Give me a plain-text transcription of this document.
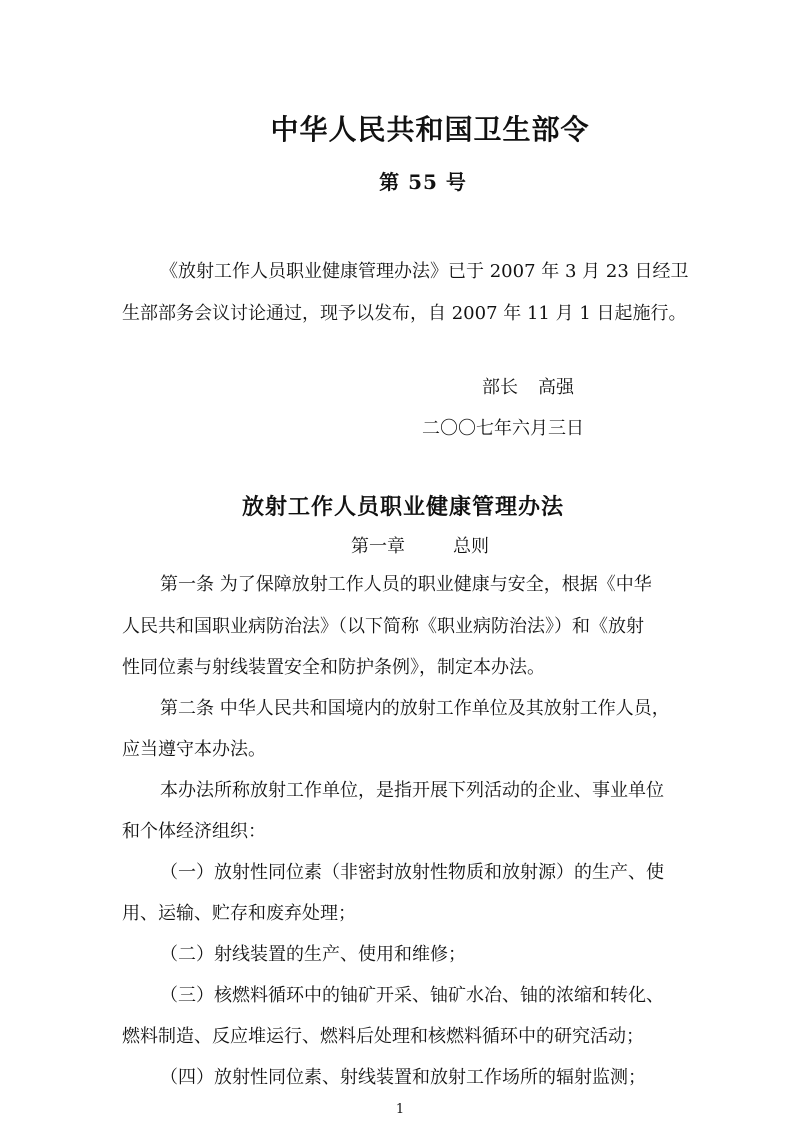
中华人民共和国卫生部令
第 55 号
《放射工作人员职业健康管理办法》已于 2007 年 3 月 23 日经卫
生部部务会议讨论通过，现予以发布，自 2007 年 11 月 1 日起施行。
部长 高强
二〇〇七年六月三日
放射工作人员职业健康管理办法
第一章	总则
第一条 为了保障放射工作人员的职业健康与安全，根据《中华
人民共和国职业病防治法》（以下简称《职业病防治法》）和《放射
性同位素与射线装置安全和防护条例》，制定本办法。
第二条 中华人民共和国境内的放射工作单位及其放射工作人员，
应当遵守本办法。
本办法所称放射工作单位，是指开展下列活动的企业、事业单位
和个体经济组织：
（一）放射性同位素（非密封放射性物质和放射源）的生产、使
用、运输、贮存和废弃处理；
（二）射线装置的生产、使用和维修；
（三）核燃料循环中的铀矿开采、铀矿水冶、铀的浓缩和转化、
燃料制造、反应堆运行、燃料后处理和核燃料循环中的研究活动；
（四）放射性同位素、射线装置和放射工作场所的辐射监测；
1
